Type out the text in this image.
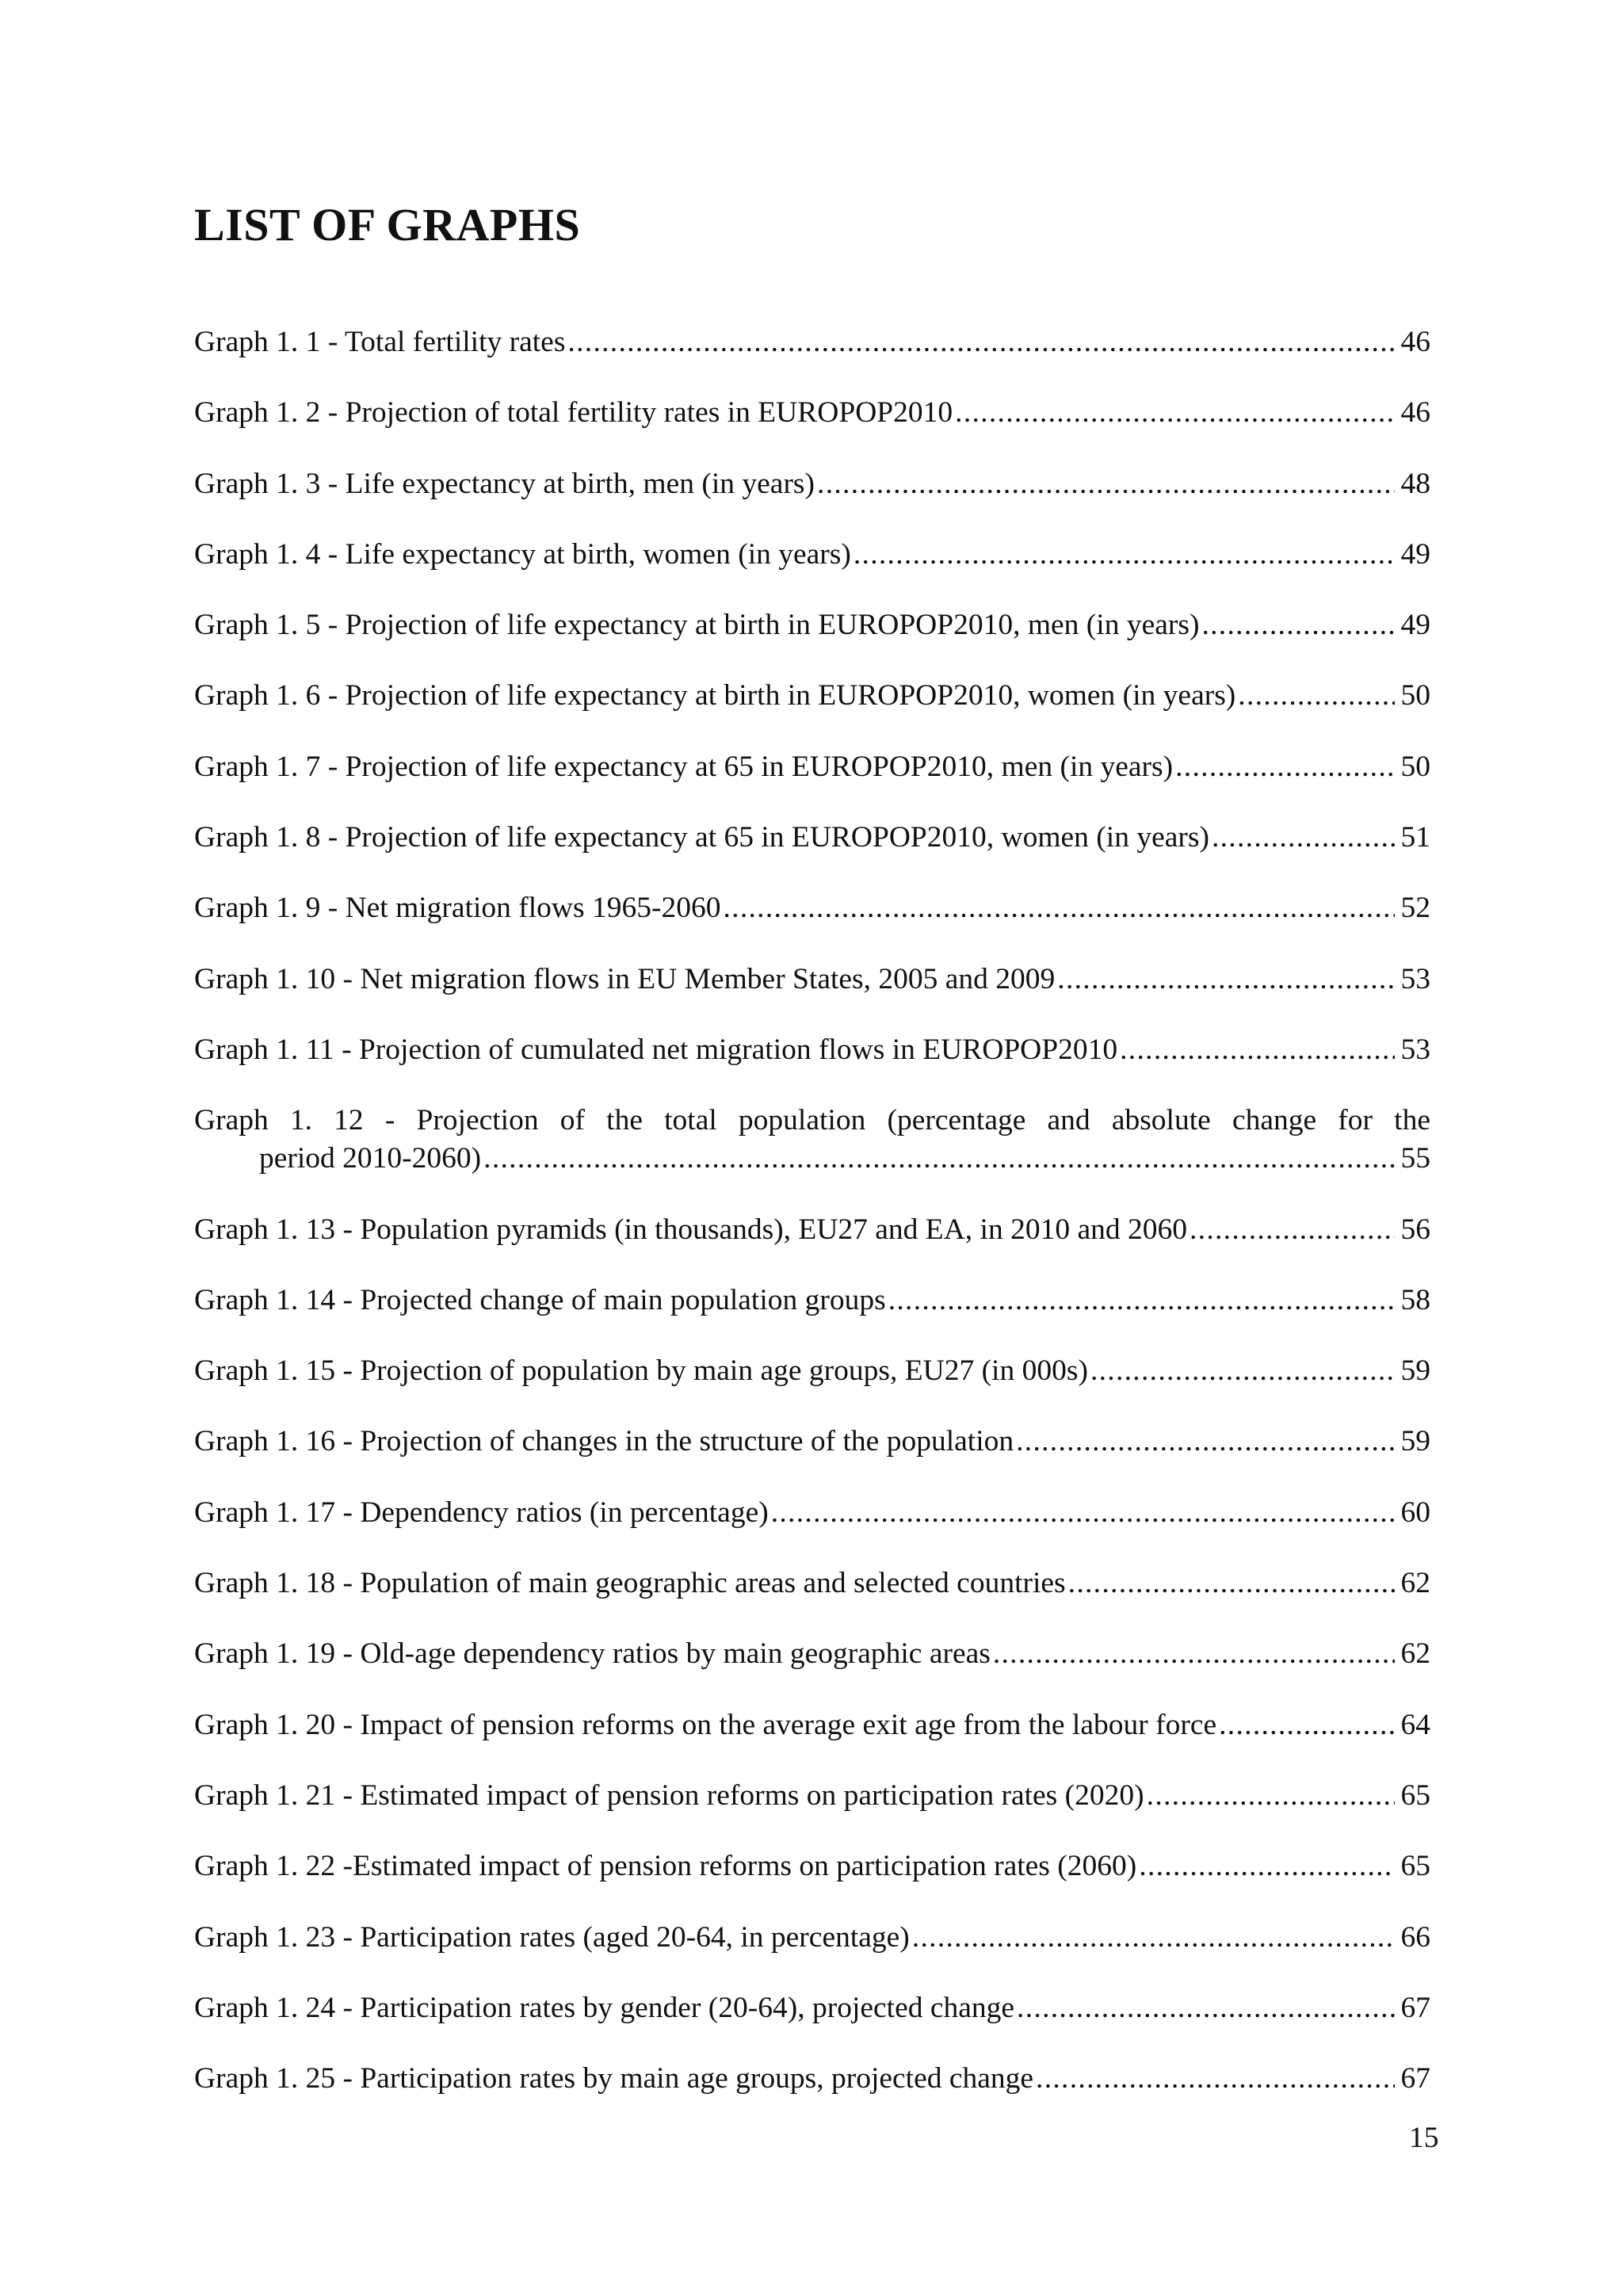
LIST OF GRAPHS
Graph 1. 1 - Total fertility rates .....	46
Graph 1. 2 - Projection of total fertility rates in EUROPOP2010 .....	46
Graph 1. 3 - Life expectancy at birth, men (in years) .....	48
Graph 1. 4 - Life expectancy at birth, women (in years) .....	49
Graph 1. 5 - Projection of life expectancy at birth in EUROPOP2010, men (in years) .....	49
Graph 1. 6 - Projection of life expectancy at birth in EUROPOP2010, women (in years) .....	50
Graph 1. 7 - Projection of life expectancy at 65 in EUROPOP2010, men (in years) .....	50
Graph 1. 8 - Projection of life expectancy at 65 in EUROPOP2010, women (in years) .....	51
Graph 1. 9 - Net migration flows 1965-2060 .....	52
Graph 1. 10 - Net migration flows in EU Member States, 2005 and 2009 .....	53
Graph 1. 11 - Projection of cumulated net migration flows in EUROPOP2010 .....	53
Graph 1. 12 - Projection of the total population (percentage and absolute change for the
period 2010-2060) .....	55
Graph 1. 13 - Population pyramids (in thousands), EU27 and EA, in 2010 and 2060 .....	56
Graph 1. 14 - Projected change of main population groups .....	58
Graph 1. 15 - Projection of population by main age groups, EU27 (in 000s) .....	59
Graph 1. 16 - Projection of changes in the structure of the population .....	59
Graph 1. 17 - Dependency ratios (in percentage) .....	60
Graph 1. 18 - Population of main geographic areas and selected countries .....	62
Graph 1. 19 - Old-age dependency ratios by main geographic areas .....	62
Graph 1. 20 - Impact of pension reforms on the average exit age from the labour force .....	64
Graph 1. 21 - Estimated impact of pension reforms on participation rates (2020) .....	65
Graph 1. 22 -Estimated impact of pension reforms on participation rates (2060) .....	65
Graph 1. 23 - Participation rates (aged 20-64, in percentage) .....	66
Graph 1. 24 - Participation rates by gender (20-64), projected change .....	67
Graph 1. 25 - Participation rates by main age groups, projected change .....	67
15
